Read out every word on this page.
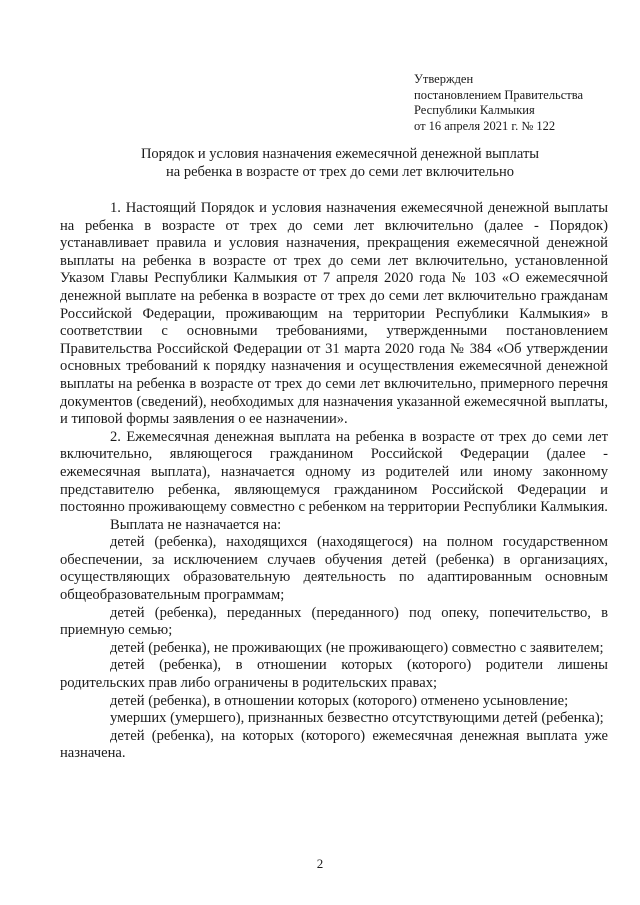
Утвержден
постановлением Правительства
Республики Калмыкия
от 16 апреля 2021 г. № 122
Порядок и условия назначения ежемесячной денежной выплаты
на ребенка в возрасте от трех до семи лет включительно

1. Настоящий Порядок и условия назначения ежемесячной денежной выплаты на ребенка в возрасте от трех до семи лет включительно (далее - Порядок) устанавливает правила и условия назначения, прекращения ежемесячной денежной выплаты на ребенка в возрасте от трех до семи лет включительно, установленной Указом Главы Республики Калмыкия от 7 апреля 2020 года № 103 «О ежемесячной денежной выплате на ребенка в возрасте от трех до семи лет включительно гражданам Российской Федерации, проживающим на территории Республики Калмыкия» в соответствии с основными требованиями, утвержденными постановлением Правительства Российской Федерации от 31 марта 2020 года № 384 «Об утверждении основных требований к порядку назначения и осуществления ежемесячной денежной выплаты на ребенка в возрасте от трех до семи лет включительно, примерного перечня документов (сведений), необходимых для назначения указанной ежемесячной выплаты, и типовой формы заявления о ее назначении».

2. Ежемесячная денежная выплата на ребенка в возрасте от трех до семи лет включительно, являющегося гражданином Российской Федерации (далее - ежемесячная выплата), назначается одному из родителей или иному законному представителю ребенка, являющемуся гражданином Российской Федерации и постоянно проживающему совместно с ребенком на территории Республики Калмыкия.

Выплата не назначается на:

детей (ребенка), находящихся (находящегося) на полном государственном обеспечении, за исключением случаев обучения детей (ребенка) в организациях, осуществляющих образовательную деятельность по адаптированным основным общеобразовательным программам;

детей (ребенка), переданных (переданного) под опеку, попечительство, в приемную семью;

детей (ребенка), не проживающих (не проживающего) совместно с заявителем;

детей (ребенка), в отношении которых (которого) родители лишены родительских прав либо ограничены в родительских правах;

детей (ребенка), в отношении которых (которого) отменено усыновление;

умерших (умершего), признанных безвестно отсутствующими детей (ребенка);

детей (ребенка), на которых (которого) ежемесячная денежная выплата уже назначена.

2
